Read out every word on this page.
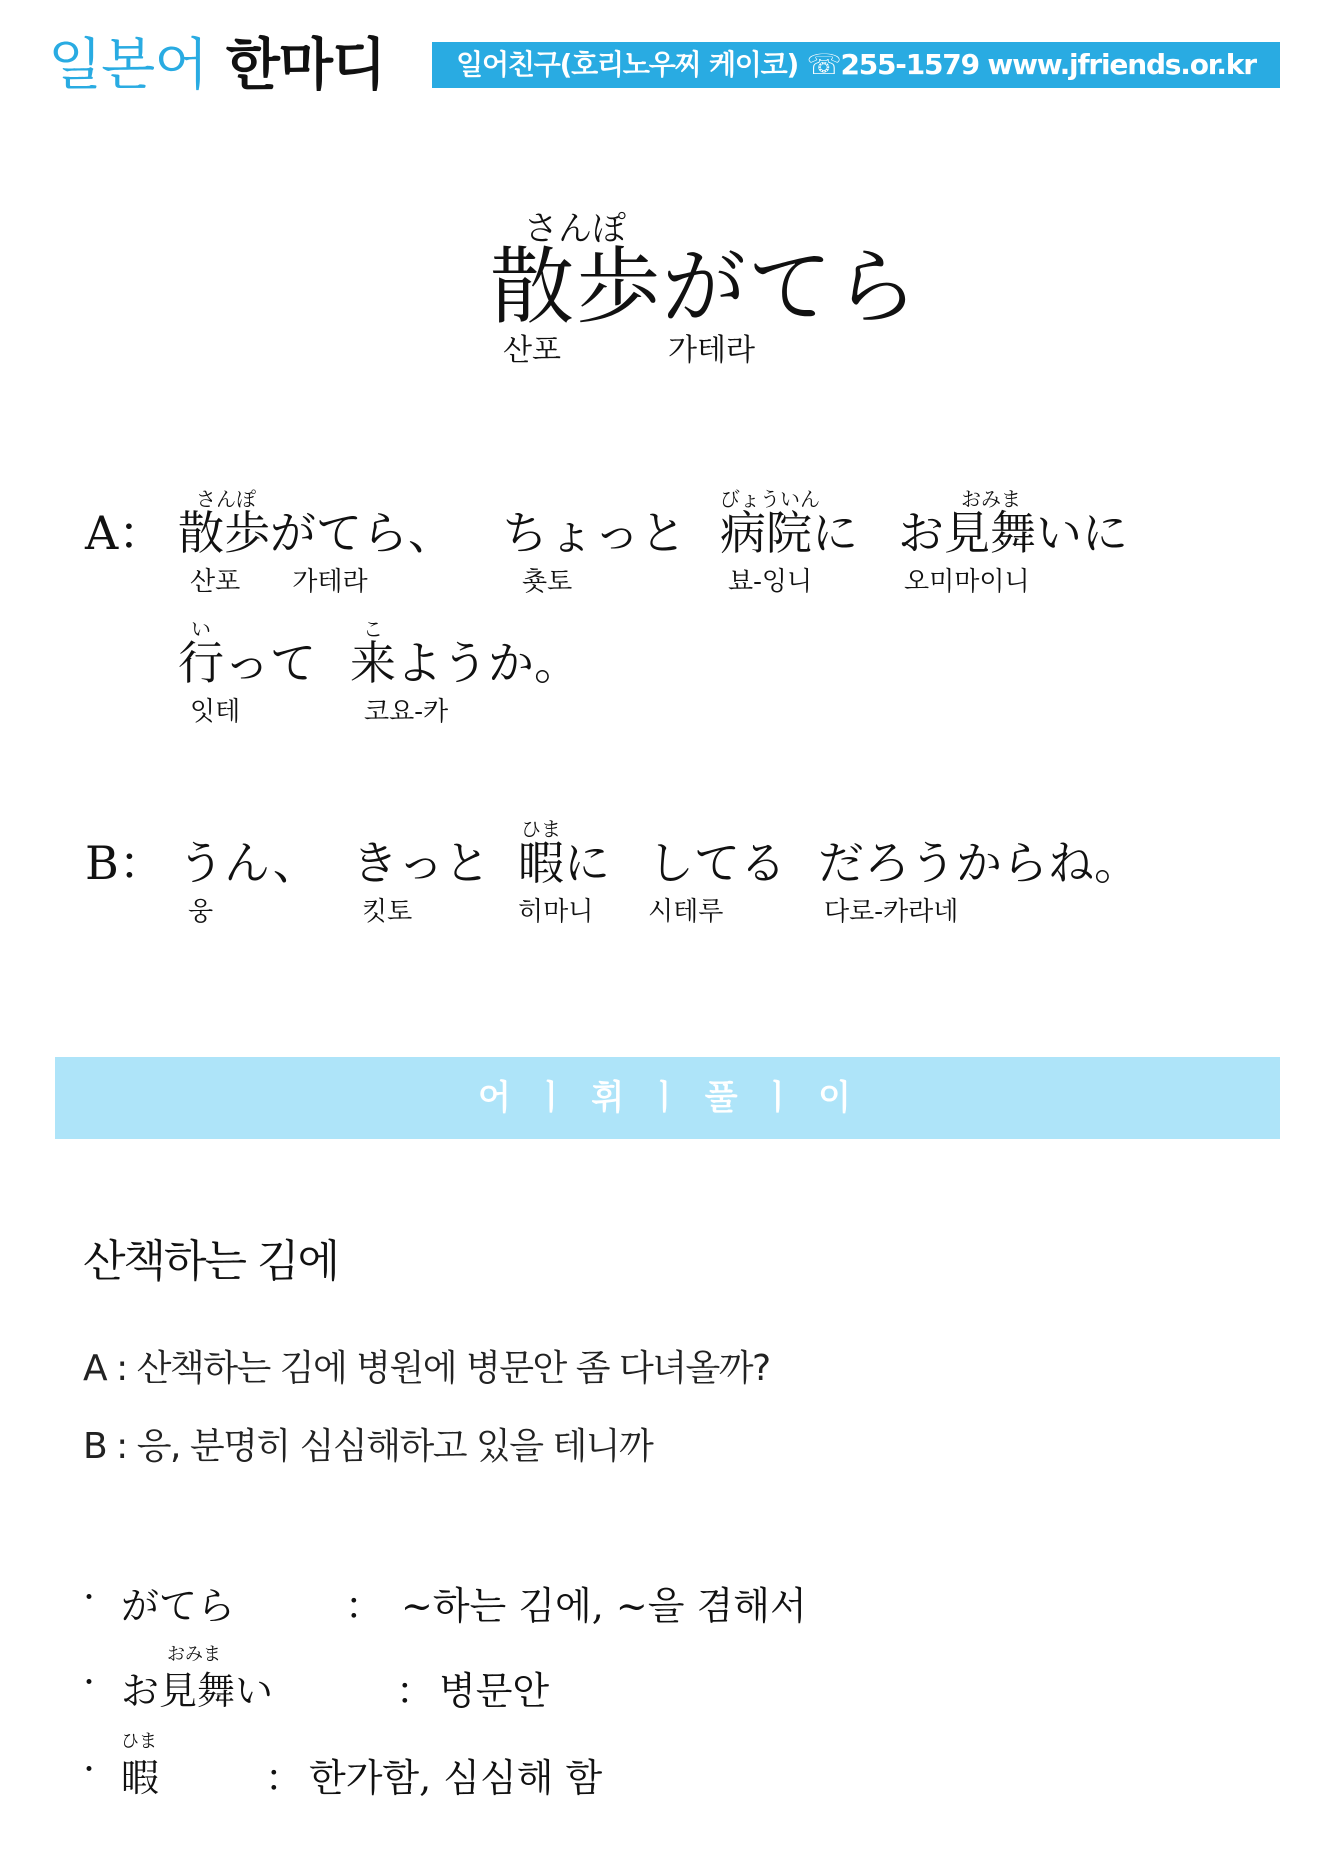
일본어 한마디	일어친구(호리노우찌 케이코) ☏255-1579 www.jfriends.or.kr
さんぽ
散歩がてら
산포	가테라
A：
さんぽ
散歩がてら、
산포　　가테라
ちょっと
춋토
びょういん
病院に
뵤-잉니
おみま
お見舞いに
오미마이니
い
行って
잇테
こ
来ようか。
코요-카
B： うん、
웅
きっと
킷토
ひま
暇に
히마니
してる
시테루
だろうからね。
다로-카라네
어 ㅣ 휘 ㅣ 풀 ㅣ 이
산책하는 김에
A : 산책하는 김에 병원에 병문안 좀 다녀올까?
B : 응, 분명히 심심해하고 있을 테니까
· がてら	： ~하는 김에, ~을 겸해서
·
おみま
お見舞い	： 병문안
·
ひま
暇	： 한가함, 심심해 함
